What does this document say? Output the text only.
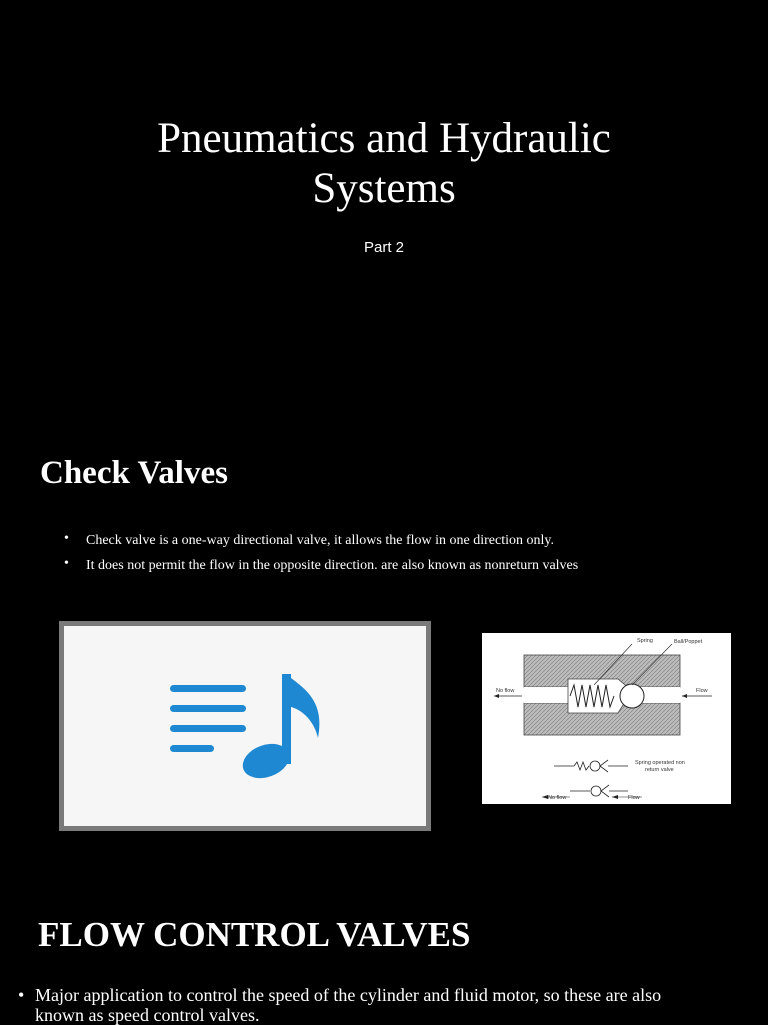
Pneumatics and Hydraulic
Systems
Part 2
Check Valves
• Check valve is a one-way directional valve, it allows the flow in one direction only.
• It does not permit the flow in the opposite direction. are also known as nonreturn valves
Spring	Ball/Poppet
No flow	Flow
Spring operated non
return valve
No flow	Flow
FLOW CONTROL VALVES
• Major application to control the speed of the cylinder and fluid motor, so these are also
known as speed control valves.
